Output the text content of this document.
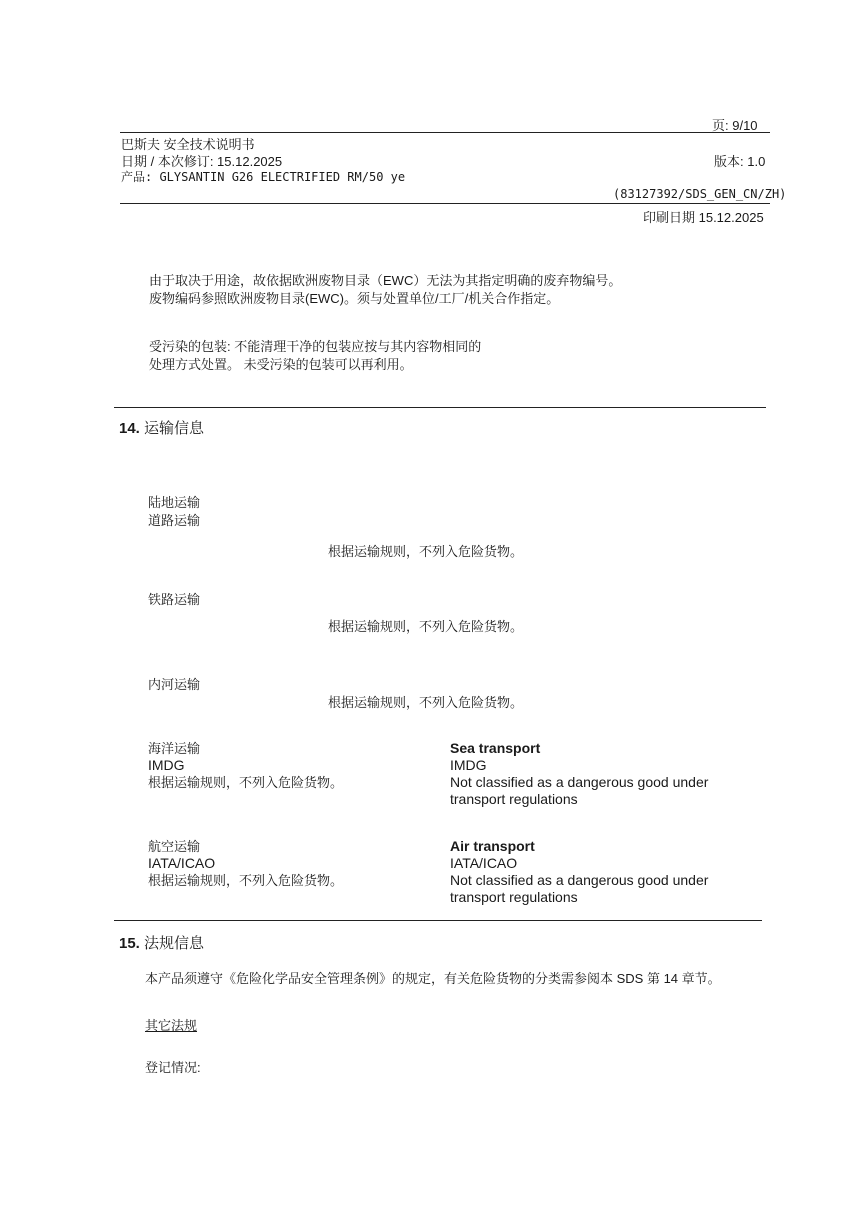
页: 9/10
巴斯夫 安全技术说明书
日期 / 本次修订: 15.12.2025	版本: 1.0
产品: GLYSANTIN G26 ELECTRIFIED RM/50 ye
(83127392/SDS_GEN_CN/ZH)
印刷日期 15.12.2025
由于取决于用途，故依据欧洲废物目录（EWC）无法为其指定明确的废弃物编号。
废物编码参照欧洲废物目录(EWC)。须与处置单位/工厂/机关合作指定。
受污染的包装: 不能清理干净的包装应按与其内容物相同的
处理方式处置。 未受污染的包装可以再利用。
14. 运输信息
陆地运输
道路运输
根据运输规则，不列入危险货物。
铁路运输
根据运输规则，不列入危险货物。
内河运输
根据运输规则，不列入危险货物。
海洋运输
IMDG
根据运输规则，不列入危险货物。
Sea transport
IMDG
Not classified as a dangerous good under
transport regulations
航空运输
IATA/ICAO
根据运输规则，不列入危险货物。
Air transport
IATA/ICAO
Not classified as a dangerous good under
transport regulations
15. 法规信息
本产品须遵守《危险化学品安全管理条例》的规定，有关危险货物的分类需参阅本 SDS 第 14 章节。
其它法规
登记情况:
